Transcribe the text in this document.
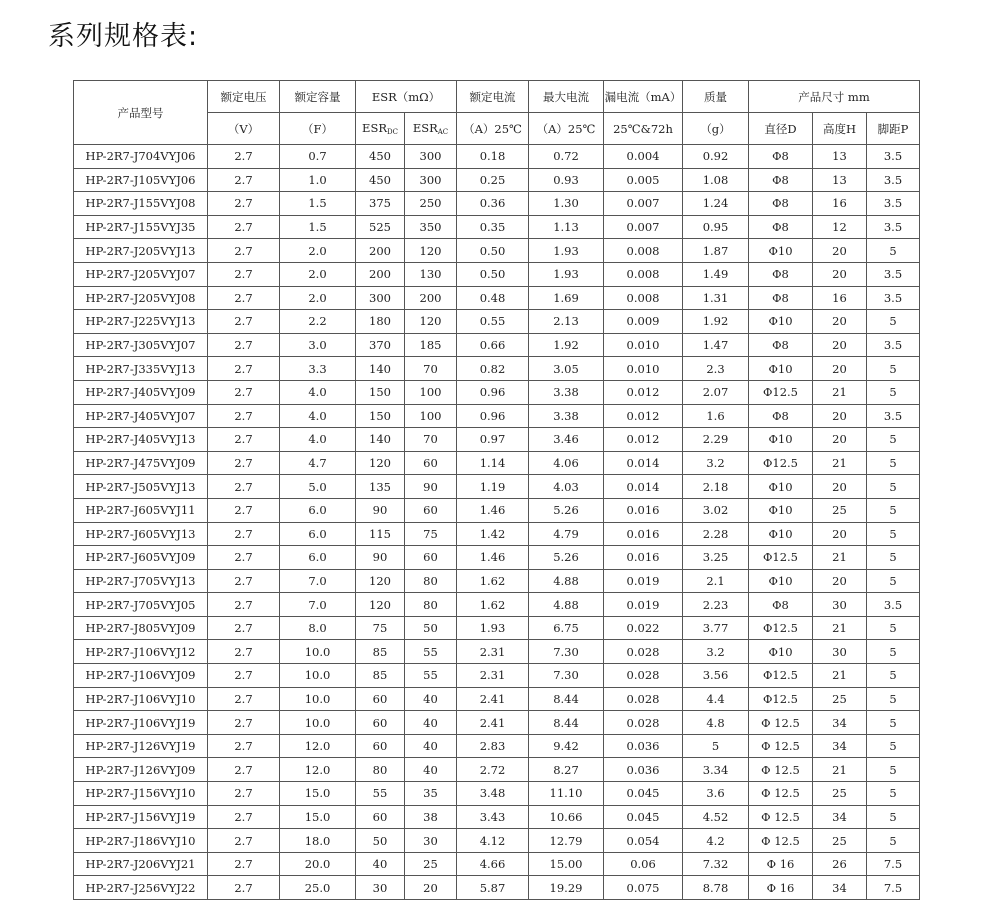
系列规格表:
产品型号	额定电压	额定容量	ESR（mΩ）		额定电流	最大电流	漏电流（mA）	质量	产品尺寸 mm		
	（V）	（F）	$ESR_{DC}$	$ESR_{AC}$	（A）25℃	（A）25℃	25℃&72h	（g）	直径D	高度H	脚距P
HP-2R7-J704VYJ06	2.7	0.7	450	300	0.18	0.72	0.004	0.92	Φ8	13	3.5
HP-2R7-J105VYJ06	2.7	1.0	450	300	0.25	0.93	0.005	1.08	Φ8	13	3.5
HP-2R7-J155VYJ08	2.7	1.5	375	250	0.36	1.30	0.007	1.24	Φ8	16	3.5
HP-2R7-J155VYJ35	2.7	1.5	525	350	0.35	1.13	0.007	0.95	Φ8	12	3.5
HP-2R7-J205VYJ13	2.7	2.0	200	120	0.50	1.93	0.008	1.87	Φ10	20	5
HP-2R7-J205VYJ07	2.7	2.0	200	130	0.50	1.93	0.008	1.49	Φ8	20	3.5
HP-2R7-J205VYJ08	2.7	2.0	300	200	0.48	1.69	0.008	1.31	Φ8	16	3.5
HP-2R7-J225VYJ13	2.7	2.2	180	120	0.55	2.13	0.009	1.92	Φ10	20	5
HP-2R7-J305VYJ07	2.7	3.0	370	185	0.66	1.92	0.010	1.47	Φ8	20	3.5
HP-2R7-J335VYJ13	2.7	3.3	140	70	0.82	3.05	0.010	2.3	Φ10	20	5
HP-2R7-J405VYJ09	2.7	4.0	150	100	0.96	3.38	0.012	2.07	Φ12.5	21	5
HP-2R7-J405VYJ07	2.7	4.0	150	100	0.96	3.38	0.012	1.6	Φ8	20	3.5
HP-2R7-J405VYJ13	2.7	4.0	140	70	0.97	3.46	0.012	2.29	Φ10	20	5
HP-2R7-J475VYJ09	2.7	4.7	120	60	1.14	4.06	0.014	3.2	Φ12.5	21	5
HP-2R7-J505VYJ13	2.7	5.0	135	90	1.19	4.03	0.014	2.18	Φ10	20	5
HP-2R7-J605VYJ11	2.7	6.0	90	60	1.46	5.26	0.016	3.02	Φ10	25	5
HP-2R7-J605VYJ13	2.7	6.0	115	75	1.42	4.79	0.016	2.28	Φ10	20	5
HP-2R7-J605VYJ09	2.7	6.0	90	60	1.46	5.26	0.016	3.25	Φ12.5	21	5
HP-2R7-J705VYJ13	2.7	7.0	120	80	1.62	4.88	0.019	2.1	Φ10	20	5
HP-2R7-J705VYJ05	2.7	7.0	120	80	1.62	4.88	0.019	2.23	Φ8	30	3.5
HP-2R7-J805VYJ09	2.7	8.0	75	50	1.93	6.75	0.022	3.77	Φ12.5	21	5
HP-2R7-J106VYJ12	2.7	10.0	85	55	2.31	7.30	0.028	3.2	Φ10	30	5
HP-2R7-J106VYJ09	2.7	10.0	85	55	2.31	7.30	0.028	3.56	Φ12.5	21	5
HP-2R7-J106VYJ10	2.7	10.0	60	40	2.41	8.44	0.028	4.4	Φ12.5	25	5
HP-2R7-J106VYJ19	2.7	10.0	60	40	2.41	8.44	0.028	4.8	Φ 12.5	34	5
HP-2R7-J126VYJ19	2.7	12.0	60	40	2.83	9.42	0.036	5	Φ 12.5	34	5
HP-2R7-J126VYJ09	2.7	12.0	80	40	2.72	8.27	0.036	3.34	Φ 12.5	21	5
HP-2R7-J156VYJ10	2.7	15.0	55	35	3.48	11.10	0.045	3.6	Φ 12.5	25	5
HP-2R7-J156VYJ19	2.7	15.0	60	38	3.43	10.66	0.045	4.52	Φ 12.5	34	5
HP-2R7-J186VYJ10	2.7	18.0	50	30	4.12	12.79	0.054	4.2	Φ 12.5	25	5
HP-2R7-J206VYJ21	2.7	20.0	40	25	4.66	15.00	0.06	7.32	Φ 16	26	7.5
HP-2R7-J256VYJ22	2.7	25.0	30	20	5.87	19.29	0.075	8.78	Φ 16	34	7.5
